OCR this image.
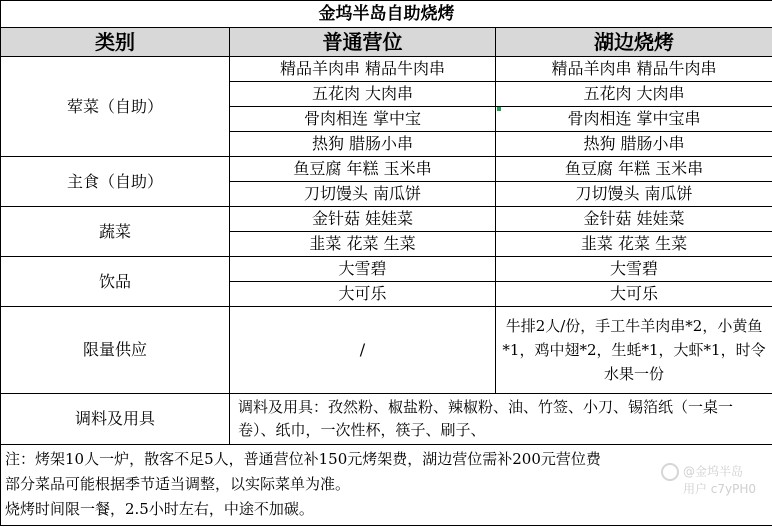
金坞半岛自助烧烤		
类别	普通营位	湖边烧烤
荤菜（自助）	精品羊肉串 精品牛肉串	精品羊肉串 精品牛肉串
	五花肉 大肉串	五花肉 大肉串
	骨肉相连 掌中宝	骨肉相连 掌中宝串
	热狗 腊肠小串	热狗 腊肠小串
主食（自助）	鱼豆腐 年糕 玉米串	鱼豆腐 年糕 玉米串
	刀切馒头 南瓜饼	刀切馒头 南瓜饼
蔬菜	金针菇 娃娃菜	金针菇 娃娃菜
	韭菜 花菜 生菜	韭菜 花菜 生菜
饮品	大雪碧	大雪碧
	大可乐	大可乐
限量供应	/	牛排2人/份，手工牛羊肉串*2，小黄鱼*1，鸡中翅*2，生蚝*1，大虾*1，时令水果一份
调料及用具	调料及用具：孜然粉、椒盐粉、辣椒粉、油、竹签、小刀、锡箔纸（一桌一卷）、纸巾，一次性杯，筷子、刷子、	

注：烤架10人一炉，散客不足5人，普通营位补150元烤架费，湖边营位需补200元营位费
部分菜品可能根据季节适当调整，以实际菜单为准。
烧烤时间限一餐，2.5小时左右，中途不加碳。		
@金坞半岛
用户 c7yPH0
